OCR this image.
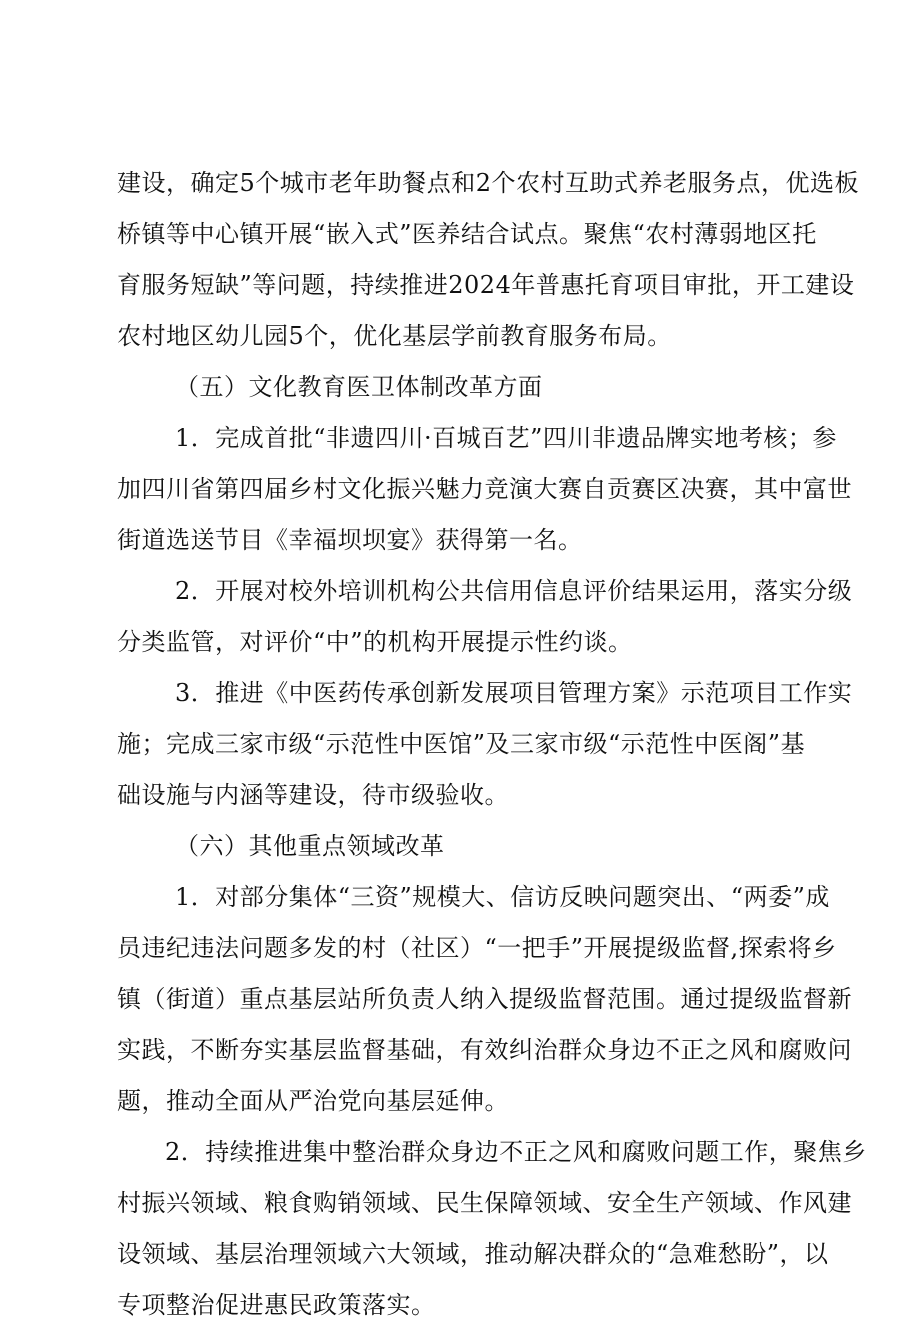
建设，确定5个城市老年助餐点和2个农村互助式养老服务点，优选板
桥镇等中心镇开展“嵌入式”医养结合试点。聚焦“农村薄弱地区托
育服务短缺”等问题，持续推进2024年普惠托育项目审批，开工建设
农村地区幼儿园5个，优化基层学前教育服务布局。
（五）文化教育医卫体制改革方面
1．完成首批“非遗四川·百城百艺”四川非遗品牌实地考核；参
加四川省第四届乡村文化振兴魅力竞演大赛自贡赛区决赛，其中富世
街道选送节目《幸福坝坝宴》获得第一名。
2．开展对校外培训机构公共信用信息评价结果运用，落实分级
分类监管，对评价“中”的机构开展提示性约谈。
3．推进《中医药传承创新发展项目管理方案》示范项目工作实
施；完成三家市级“示范性中医馆”及三家市级“示范性中医阁”基
础设施与内涵等建设，待市级验收。
（六）其他重点领域改革
1．对部分集体“三资”规模大、信访反映问题突出、“两委”成
员违纪违法问题多发的村（社区）“一把手”开展提级监督,探索将乡
镇（街道）重点基层站所负责人纳入提级监督范围。通过提级监督新
实践，不断夯实基层监督基础，有效纠治群众身边不正之风和腐败问
题，推动全面从严治党向基层延伸。
2．持续推进集中整治群众身边不正之风和腐败问题工作，聚焦乡
村振兴领域、粮食购销领域、民生保障领域、安全生产领域、作风建
设领域、基层治理领域六大领域，推动解决群众的“急难愁盼”，以
专项整治促进惠民政策落实。
